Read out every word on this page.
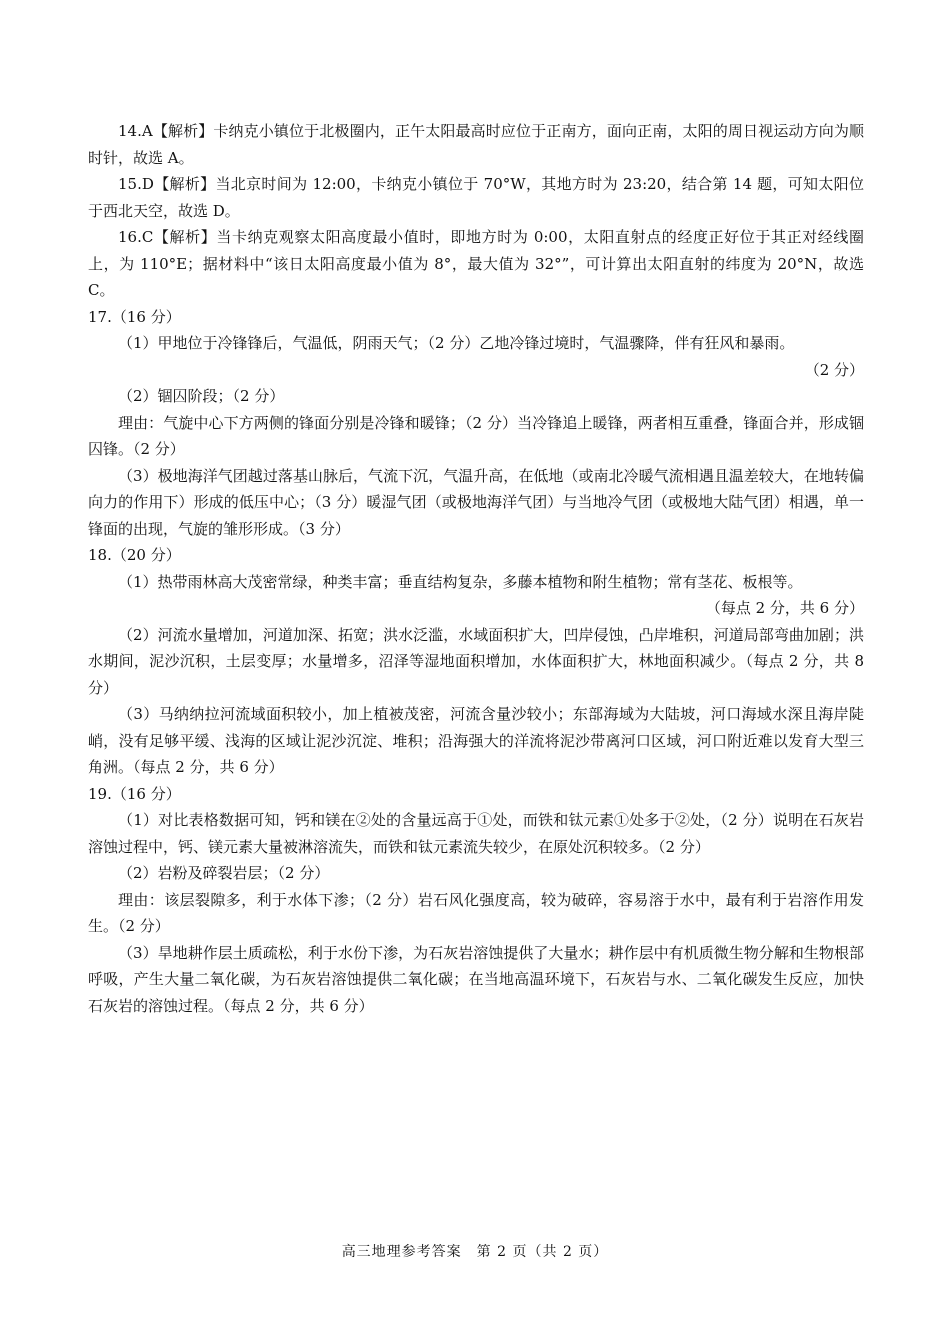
14.A【解析】卡纳克小镇位于北极圈内，正午太阳最高时应位于正南方，面向正南，太阳的周日视运动方向为顺时针，故选 A。

15.D【解析】当北京时间为 12:00，卡纳克小镇位于 70°W，其地方时为 23:20，结合第 14 题，可知太阳位于西北天空，故选 D。

16.C【解析】当卡纳克观察太阳高度最小值时，即地方时为 0:00，太阳直射点的经度正好位于其正对经线圈上，为 110°E；据材料中“该日太阳高度最小值为 8°，最大值为 32°”，可计算出太阳直射的纬度为 20°N，故选 C。

17.（16 分）

（1）甲地位于冷锋锋后，气温低，阴雨天气；（2 分）乙地冷锋过境时，气温骤降，伴有狂风和暴雨。

（2 分）

（2）锢囚阶段；（2 分）

理由：气旋中心下方两侧的锋面分别是冷锋和暖锋；（2 分）当冷锋追上暖锋，两者相互重叠，锋面合并，形成锢囚锋。（2 分）

（3）极地海洋气团越过落基山脉后，气流下沉，气温升高，在低地（或南北冷暖气流相遇且温差较大，在地转偏向力的作用下）形成的低压中心；（3 分）暖湿气团（或极地海洋气团）与当地冷气团（或极地大陆气团）相遇，单一锋面的出现，气旋的雏形形成。（3 分）

18.（20 分）

（1）热带雨林高大茂密常绿，种类丰富；垂直结构复杂，多藤本植物和附生植物；常有茎花、板根等。

（每点 2 分，共 6 分）

（2）河流水量增加，河道加深、拓宽；洪水泛滥，水域面积扩大，凹岸侵蚀，凸岸堆积，河道局部弯曲加剧；洪水期间，泥沙沉积，土层变厚；水量增多，沼泽等湿地面积增加，水体面积扩大，林地面积减少。（每点 2 分，共 8 分）

（3）马纳纳拉河流域面积较小，加上植被茂密，河流含量沙较小；东部海域为大陆坡，河口海域水深且海岸陡峭，没有足够平缓、浅海的区域让泥沙沉淀、堆积；沿海强大的洋流将泥沙带离河口区域，河口附近难以发育大型三角洲。（每点 2 分，共 6 分）

19.（16 分）

（1）对比表格数据可知，钙和镁在②处的含量远高于①处，而铁和钛元素①处多于②处，（2 分）说明在石灰岩溶蚀过程中，钙、镁元素大量被淋溶流失，而铁和钛元素流失较少，在原处沉积较多。（2 分）

（2）岩粉及碎裂岩层；（2 分）

理由：该层裂隙多，利于水体下渗；（2 分）岩石风化强度高，较为破碎，容易溶于水中，最有利于岩溶作用发生。（2 分）

（3）旱地耕作层土质疏松，利于水份下渗，为石灰岩溶蚀提供了大量水；耕作层中有机质微生物分解和生物根部呼吸，产生大量二氧化碳，为石灰岩溶蚀提供二氧化碳；在当地高温环境下，石灰岩与水、二氧化碳发生反应，加快石灰岩的溶蚀过程。（每点 2 分，共 6 分）

高三地理参考答案　第 2 页（共 2 页）
